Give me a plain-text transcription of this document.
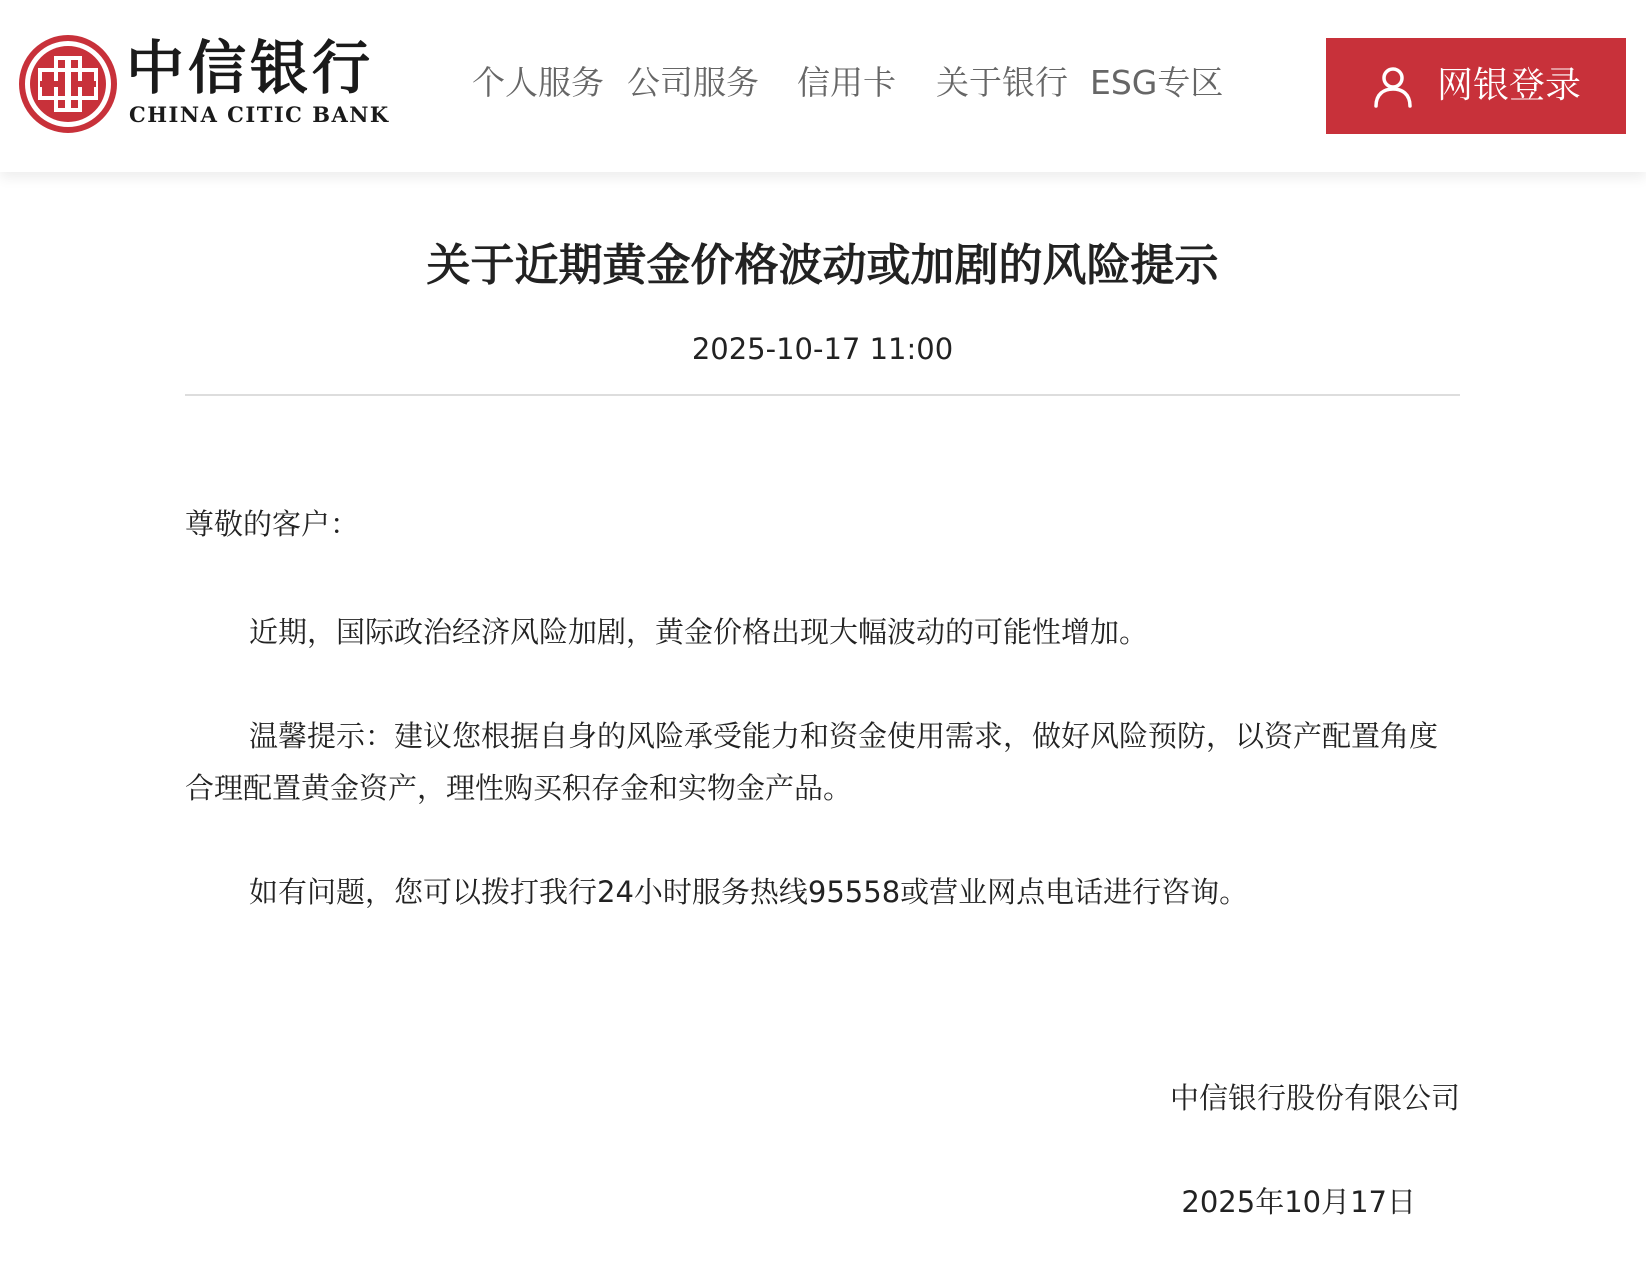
中信银行
CHINA CITIC BANK
个人服务 公司服务 信用卡 关于银行 ESG专区	网银登录
关于近期黄金价格波动或加剧的风险提示
2025-10-17 11:00
尊敬的客户：

近期，国际政治经济风险加剧，黄金价格出现大幅波动的可能性增加。

温馨提示：建议您根据自身的风险承受能力和资金使用需求，做好风险预防，以资产配置角度合理配置黄金资产，理性购买积存金和实物金产品。

如有问题，您可以拨打我行24小时服务热线95558或营业网点电话进行咨询。

中信银行股份有限公司
2025年10月17日
